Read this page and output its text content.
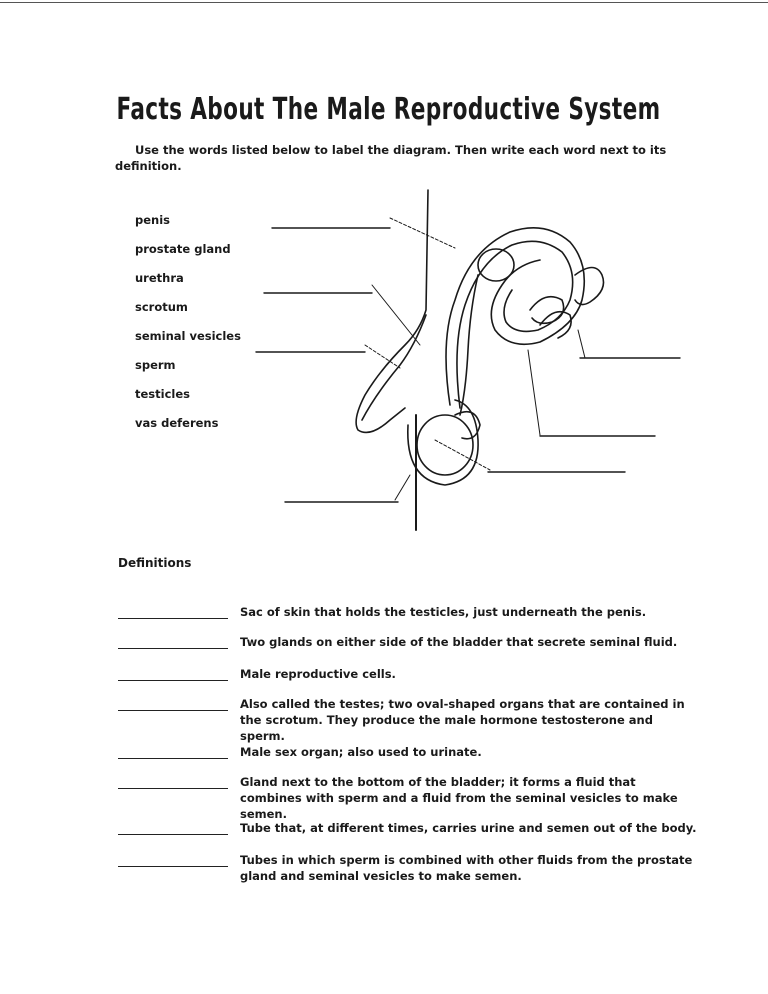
Facts About The Male Reproductive System
Use the words listed below to label the diagram. Then write each word next to its definition.
penis
prostate gland
urethra
scrotum
seminal vesicles
sperm
testicles
vas deferens
Definitions
Sac of skin that holds the testicles, just underneath the penis.
Two glands on either side of the bladder that secrete seminal fluid.
Male reproductive cells.
Also called the testes; two oval-shaped organs that are contained in the scrotum. They produce the male hormone testosterone and sperm.
Male sex organ; also used to urinate.
Gland next to the bottom of the bladder; it forms a fluid that combines with sperm and a fluid from the seminal vesicles to make semen.
Tube that, at different times, carries urine and semen out of the body.
Tubes in which sperm is combined with other fluids from the prostate gland and seminal vesicles to make semen.
